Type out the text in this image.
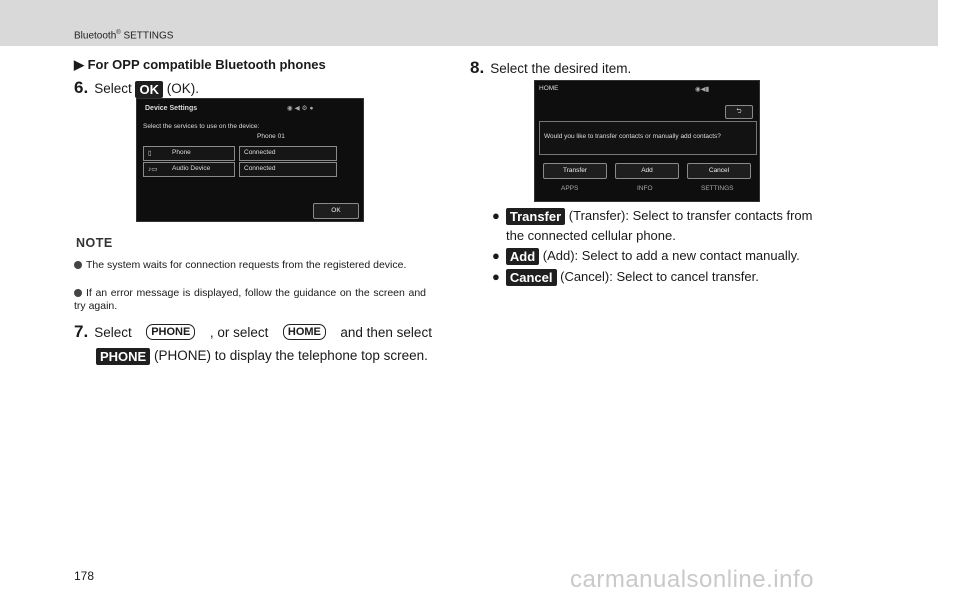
Bluetooth® SETTINGS
▶ For OPP compatible Bluetooth phones
6. Select OK (OK).
Device Settings	◉◀⚙●
Select the services to use on the device:
Phone 01
▯	Phone	Connected
♪▭ Audio Device	Connected
OK
NOTE
The system waits for connection requests from the registered device.
If an error message is displayed, follow the guidance on the screen and try again.
7. Select	PHONE	, or select	HOME	and then select
PHONE (PHONE) to display the telephone top screen.
8. Select the desired item.
HOME	◉◀▮
⮌
Would you like to transfer contacts or manually add contacts?
Transfer	Add	Cancel
APPS	INFO	SETTINGS
● Transfer (Transfer): Select to transfer contacts from
the connected cellular phone.
● Add (Add): Select to add a new contact manually.
● Cancel (Cancel): Select to cancel transfer.
178	carmanualsonline.info
